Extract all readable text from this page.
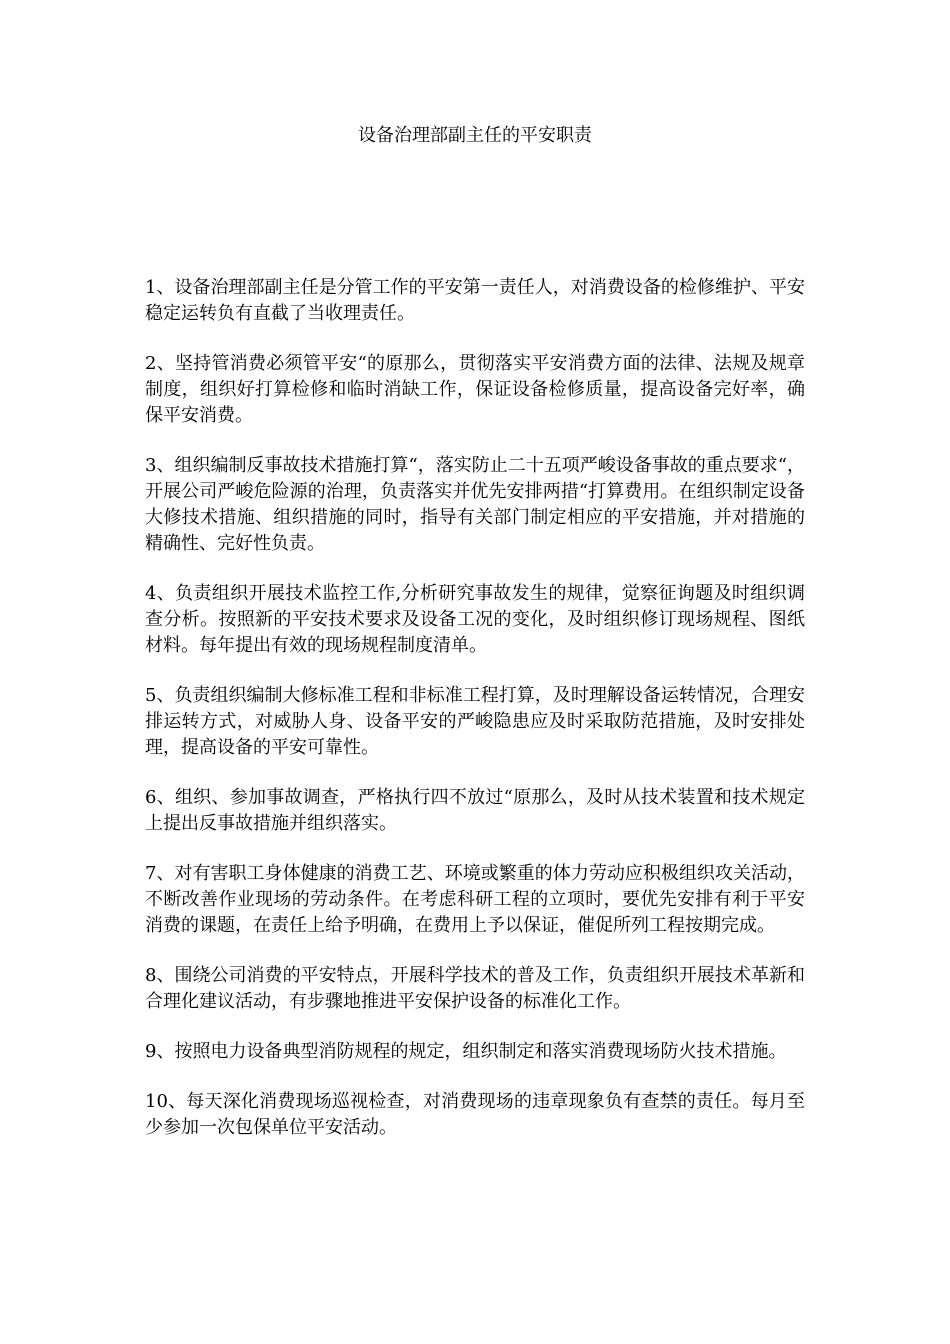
设备治理部副主任的平安职责

1、设备治理部副主任是分管工作的平安第一责任人，对消费设备的检修维护、平安稳定运转负有直截了当收理责任。

2、坚持管消费必须管平安“的原那么，贯彻落实平安消费方面的法律、法规及规章制度，组织好打算检修和临时消缺工作，保证设备检修质量，提高设备完好率，确保平安消费。

3、组织编制反事故技术措施打算“，落实防止二十五项严峻设备事故的重点要求“，开展公司严峻危险源的治理，负责落实并优先安排两措“打算费用。在组织制定设备大修技术措施、组织措施的同时，指导有关部门制定相应的平安措施，并对措施的精确性、完好性负责。

4、负责组织开展技术监控工作,分析研究事故发生的规律，觉察征询题及时组织调查分析。按照新的平安技术要求及设备工况的变化，及时组织修订现场规程、图纸材料。每年提出有效的现场规程制度清单。

5、负责组织编制大修标准工程和非标准工程打算，及时理解设备运转情况，合理安排运转方式，对威胁人身、设备平安的严峻隐患应及时采取防范措施，及时安排处理，提高设备的平安可靠性。

6、组织、参加事故调查，严格执行四不放过“原那么，及时从技术装置和技术规定上提出反事故措施并组织落实。

7、对有害职工身体健康的消费工艺、环境或繁重的体力劳动应积极组织攻关活动，不断改善作业现场的劳动条件。在考虑科研工程的立项时，要优先安排有利于平安消费的课题，在责任上给予明确，在费用上予以保证，催促所列工程按期完成。

8、围绕公司消费的平安特点，开展科学技术的普及工作，负责组织开展技术革新和合理化建议活动，有步骤地推进平安保护设备的标准化工作。

9、按照电力设备典型消防规程的规定，组织制定和落实消费现场防火技术措施。

10、每天深化消费现场巡视检查，对消费现场的违章现象负有查禁的责任。每月至少参加一次包保单位平安活动。
